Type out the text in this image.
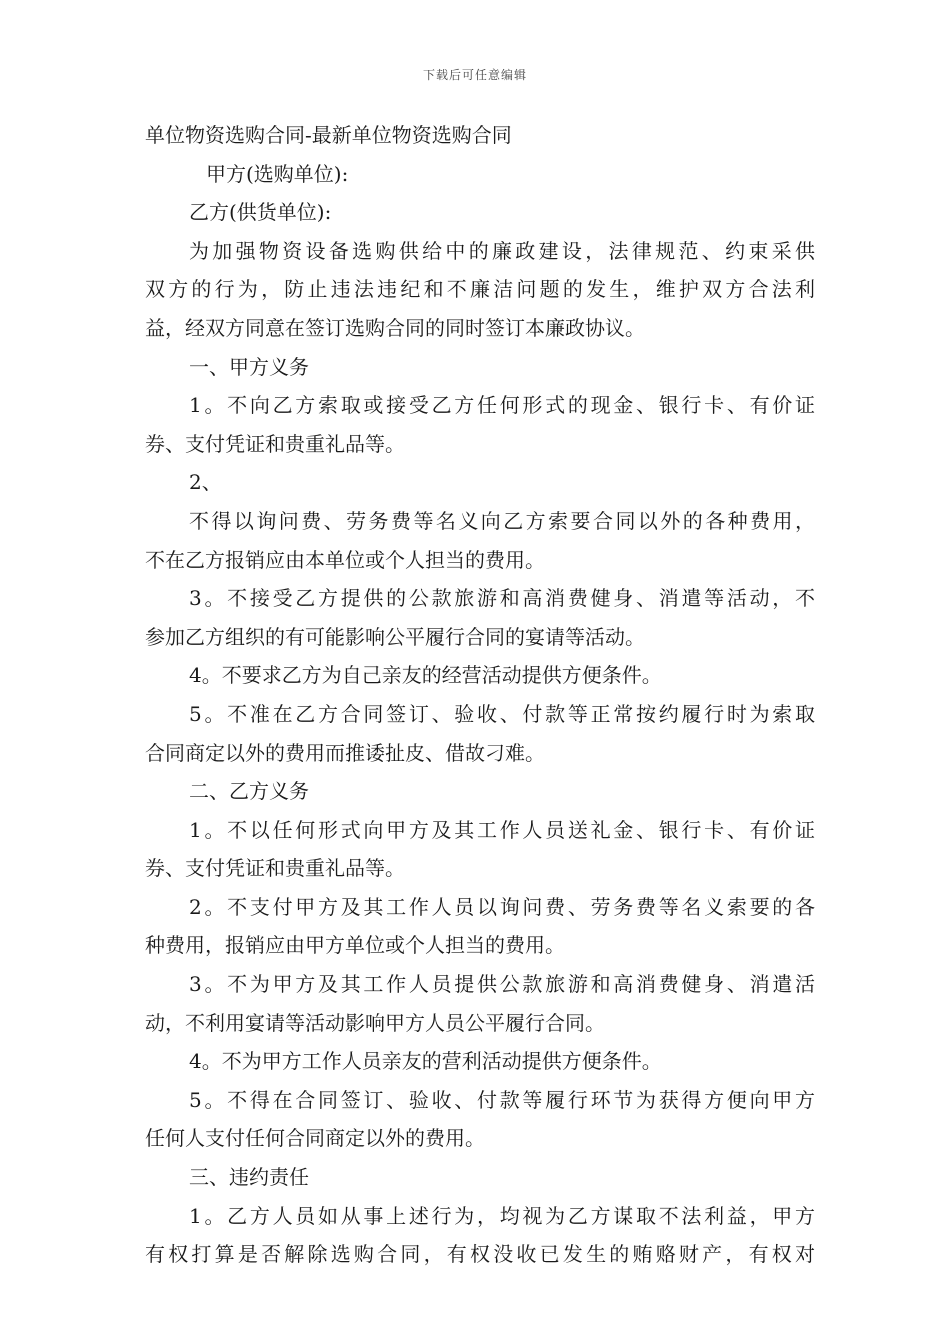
下载后可任意编辑
单位物资选购合同-最新单位物资选购合同
甲方(选购单位):
乙方(供货单位):
为加强物资设备选购供给中的廉政建设，法律规范、约束采供
双方的行为，防止违法违纪和不廉洁问题的发生，维护双方合法利
益，经双方同意在签订选购合同的同时签订本廉政协议。
一、甲方义务
1。不向乙方索取或接受乙方任何形式的现金、银行卡、有价证
券、支付凭证和贵重礼品等。
2、
不得以询问费、劳务费等名义向乙方索要合同以外的各种费用，
不在乙方报销应由本单位或个人担当的费用。
3。不接受乙方提供的公款旅游和高消费健身、消遣等活动，不
参加乙方组织的有可能影响公平履行合同的宴请等活动。
4。不要求乙方为自己亲友的经营活动提供方便条件。
5。不准在乙方合同签订、验收、付款等正常按约履行时为索取
合同商定以外的费用而推诿扯皮、借故刁难。
二、乙方义务
1。不以任何形式向甲方及其工作人员送礼金、银行卡、有价证
券、支付凭证和贵重礼品等。
2。不支付甲方及其工作人员以询问费、劳务费等名义索要的各
种费用，报销应由甲方单位或个人担当的费用。
3。不为甲方及其工作人员提供公款旅游和高消费健身、消遣活
动，不利用宴请等活动影响甲方人员公平履行合同。
4。不为甲方工作人员亲友的营利活动提供方便条件。
5。不得在合同签订、验收、付款等履行环节为获得方便向甲方
任何人支付任何合同商定以外的费用。
三、违约责任
1。乙方人员如从事上述行为，均视为乙方谋取不法利益，甲方
有权打算是否解除选购合同，有权没收已发生的贿赂财产，有权对
